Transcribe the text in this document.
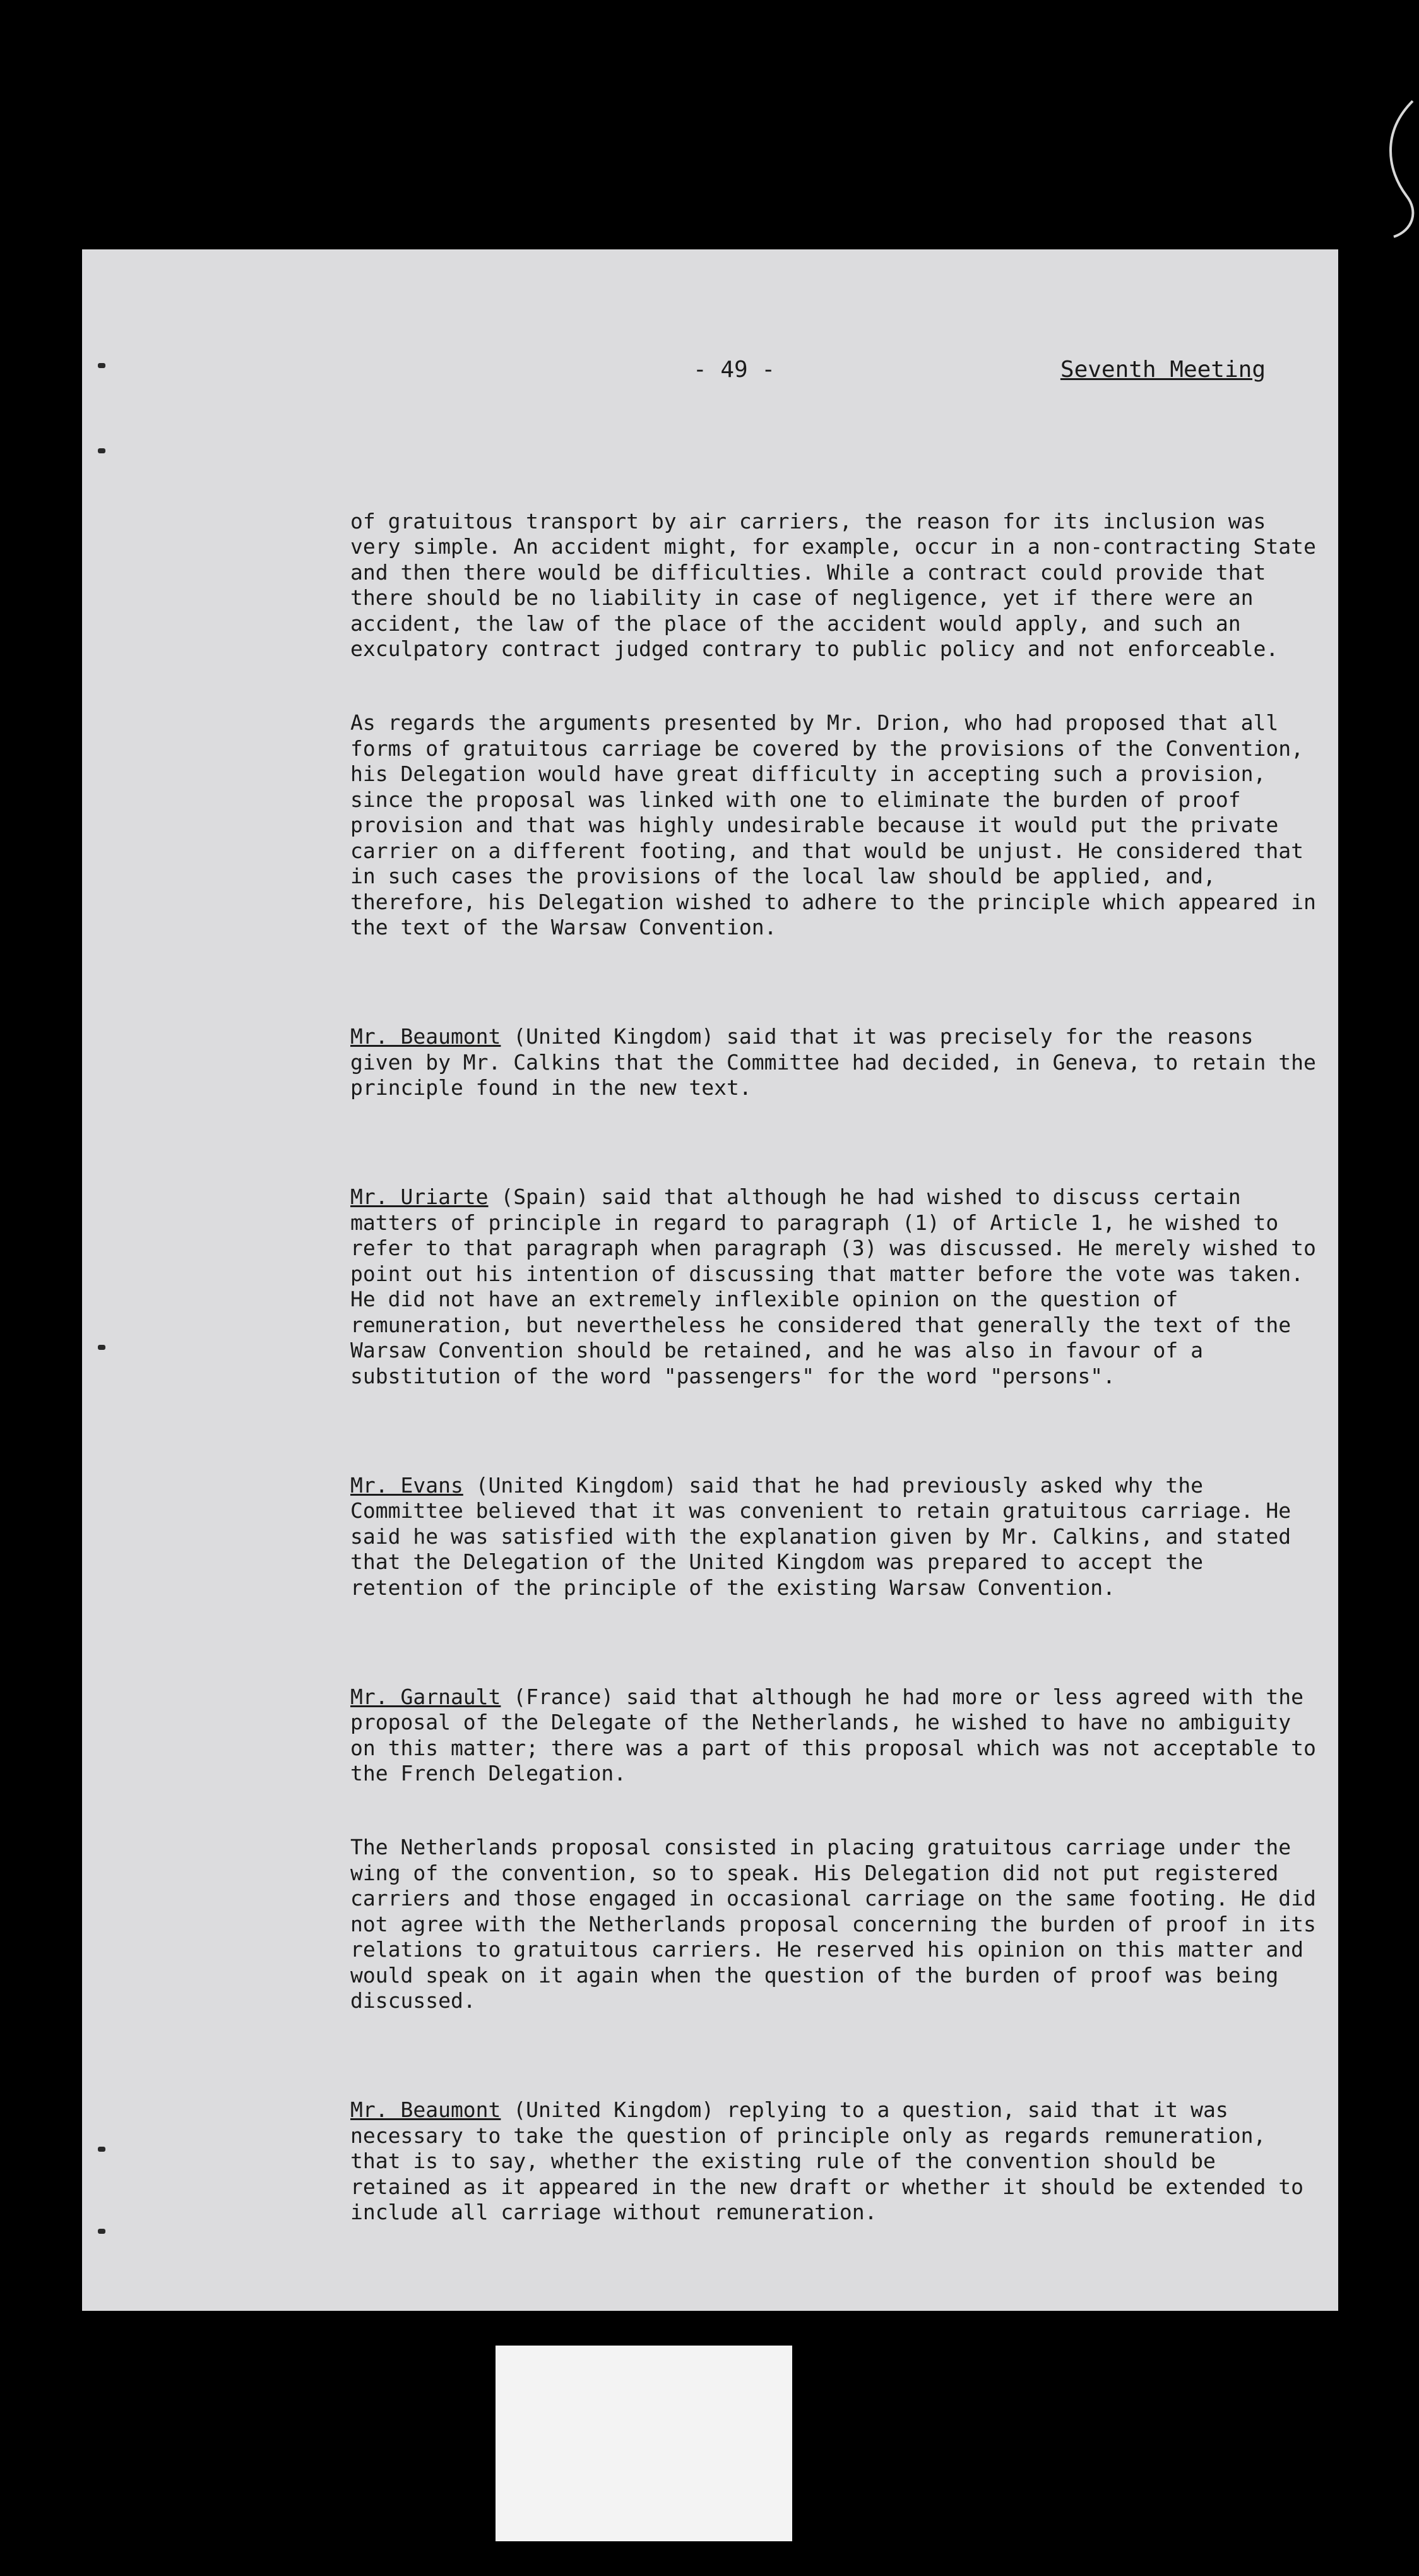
- 49 -	Seventh Meeting

of gratuitous transport by air carriers, the reason for its inclusion was very simple. An accident might, for example, occur in a non-contracting State and then there would be difficulties. While a contract could provide that there should be no liability in case of negligence, yet if there were an accident, the law of the place of the accident would apply, and such an exculpatory contract judged contrary to public policy and not enforceable.

As regards the arguments presented by Mr. Drion, who had proposed that all forms of gratuitous carriage be covered by the provisions of the Convention, his Delegation would have great difficulty in accepting such a provision, since the proposal was linked with one to eliminate the burden of proof provision and that was highly undesirable because it would put the private carrier on a different footing, and that would be unjust. He considered that in such cases the provisions of the local law should be applied, and, therefore, his Delegation wished to adhere to the principle which appeared in the text of the Warsaw Convention.

Mr. Beaumont (United Kingdom) said that it was precisely for the reasons given by Mr. Calkins that the Committee had decided, in Geneva, to retain the principle found in the new text.

Mr. Uriarte (Spain) said that although he had wished to discuss certain matters of principle in regard to paragraph (1) of Article 1, he wished to refer to that paragraph when paragraph (3) was discussed. He merely wished to point out his intention of discussing that matter before the vote was taken. He did not have an extremely inflexible opinion on the question of remuneration, but nevertheless he considered that generally the text of the Warsaw Convention should be retained, and he was also in favour of a substitution of the word "passengers" for the word "persons".

Mr. Evans (United Kingdom) said that he had previously asked why the Committee believed that it was convenient to retain gratuitous carriage. He said he was satisfied with the explanation given by Mr. Calkins, and stated that the Delegation of the United Kingdom was prepared to accept the retention of the principle of the existing Warsaw Convention.

Mr. Garnault (France) said that although he had more or less agreed with the proposal of the Delegate of the Netherlands, he wished to have no ambiguity on this matter; there was a part of this proposal which was not acceptable to the French Delegation.

The Netherlands proposal consisted in placing gratuitous carriage under the wing of the convention, so to speak. His Delegation did not put registered carriers and those engaged in occasional carriage on the same footing. He did not agree with the Netherlands proposal concerning the burden of proof in its relations to gratuitous carriers. He reserved his opinion on this matter and would speak on it again when the question of the burden of proof was being discussed.

Mr. Beaumont (United Kingdom) replying to a question, said that it was necessary to take the question of principle only as regards remuneration, that is to say, whether the existing rule of the convention should be retained as it appeared in the new draft or whether it should be extended to include all carriage without remuneration.
